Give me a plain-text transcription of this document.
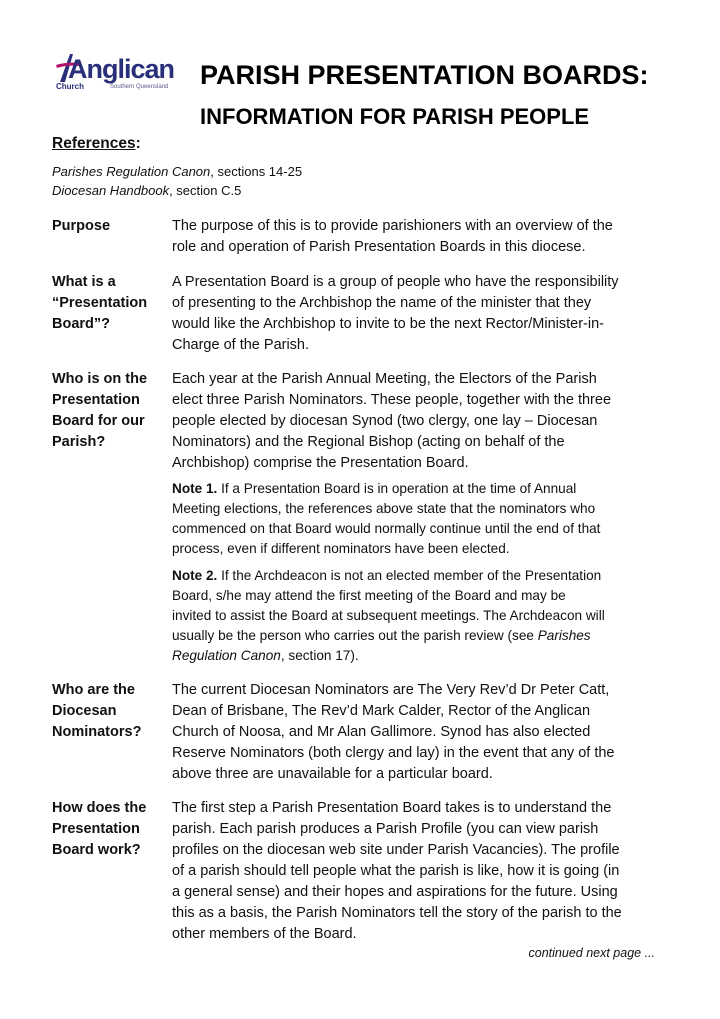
Anglican
Church	Southern Queensland PARISH PRESENTATION BOARDS:
INFORMATION FOR PARISH PEOPLE
References:
Parishes Regulation Canon, sections 14-25
Diocesan Handbook, section C.5
Purpose	The purpose of this is to provide parishioners with an overview of the
role and operation of Parish Presentation Boards in this diocese.
What is a
“Presentation
Board”?
A Presentation Board is a group of people who have the responsibility
of presenting to the Archbishop the name of the minister that they
would like the Archbishop to invite to be the next Rector/Minister-in-
Charge of the Parish.
Who is on the
Presentation
Board for our
Parish?
Each year at the Parish Annual Meeting, the Electors of the Parish
elect three Parish Nominators. These people, together with the three
people elected by diocesan Synod (two clergy, one lay – Diocesan
Nominators) and the Regional Bishop (acting on behalf of the
Archbishop) comprise the Presentation Board.
Note 1. If a Presentation Board is in operation at the time of Annual
Meeting elections, the references above state that the nominators who
commenced on that Board would normally continue until the end of that
process, even if different nominators have been elected.
Note 2. If the Archdeacon is not an elected member of the Presentation
Board, s/he may attend the first meeting of the Board and may be
invited to assist the Board at subsequent meetings. The Archdeacon will
usually be the person who carries out the parish review (see Parishes
Regulation Canon, section 17).
Who are the
Diocesan
Nominators?
The current Diocesan Nominators are The Very Rev’d Dr Peter Catt,
Dean of Brisbane, The Rev’d Mark Calder, Rector of the Anglican
Church of Noosa, and Mr Alan Gallimore. Synod has also elected
Reserve Nominators (both clergy and lay) in the event that any of the
above three are unavailable for a particular board.
How does the
Presentation
Board work?
The first step a Parish Presentation Board takes is to understand the
parish. Each parish produces a Parish Profile (you can view parish
profiles on the diocesan web site under Parish Vacancies). The profile
of a parish should tell people what the parish is like, how it is going (in
a general sense) and their hopes and aspirations for the future. Using
this as a basis, the Parish Nominators tell the story of the parish to the
other members of the Board.
continued next page ...
